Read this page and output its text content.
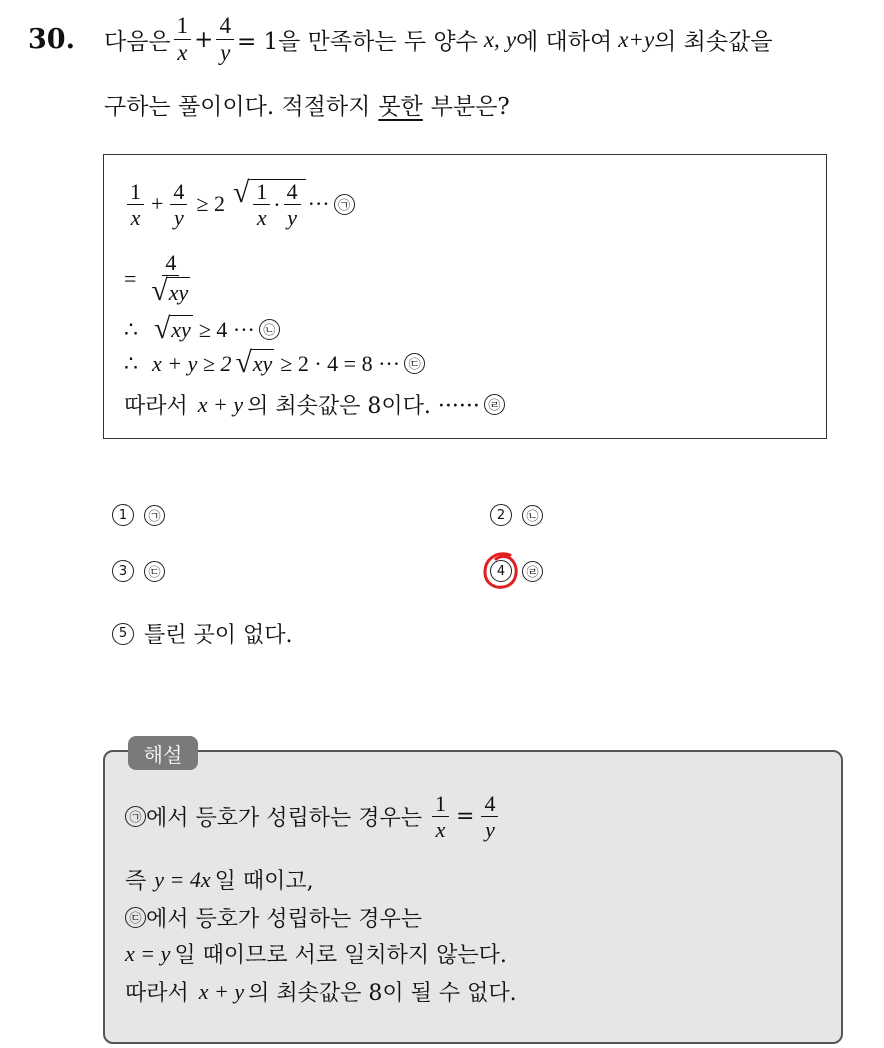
30. 다음은 $\frac{1}{x} + \frac{4}{y} = 1$을 만족하는 두 양수 x, y 에 대하여 x+y 의 최솟값을
구하는 풀이이다. 적절하지 못한 부분은?
$\frac{1}{x} + \frac{4}{y} \ge 2$ √ $\frac{1}{x} \cdot \frac{4}{y}$ ··· ㉠
= $\frac{4}{√ xy}$
∴ √ xy ≥ 4 ··· ㉡
∴ x + y ≥ 2 √ xy ≥ 2 · 4 = 8 ··· ㉢
따라서 x + y 의 최솟값은 8이다. ······ ㉣
1	㉠	2	㉡
3	㉢	4	㉣
5 틀린 곳이 없다.
㉠ 에서 등호가 성립하는 경우는 $\frac{1}{x} = \frac{4}{y}$
즉 y = 4x 일 때이고,
㉢ 에서 등호가 성립하는 경우는
x = y 일 때이므로 서로 일치하지 않는다.
따라서 x + y 의 최솟값은 8이 될 수 없다.
해설
